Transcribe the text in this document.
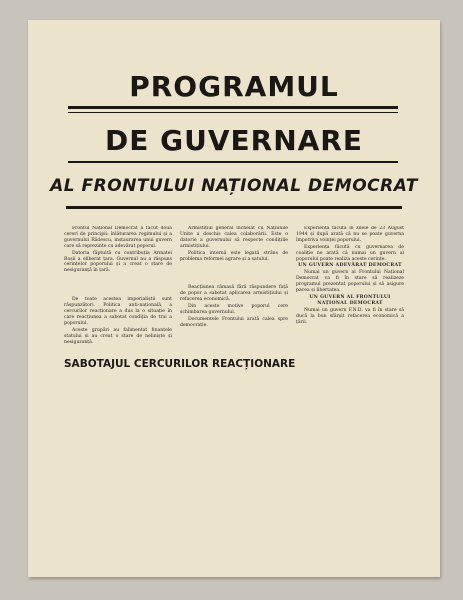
PROGRAMUL
DE GUVERNARE
AL FRONTULUI NAȚIONAL DEMOCRAT

Frontul Național Democrat a făcut două cereri de principii: înlăturarea regimului și a guvernului Rădescu, instaurarea unui guvern care să reprezinte cu adevărat poporul.

Datoria făptuită cu contribuția Armatei Roșii a eliberat țara. Guvernul nu a răspuns cerințelor poporului și a creat o stare de nesiguranță în țară.

De toate acestea imperialiștii sunt răspunzători. Politica anti-națională a cercurilor reacționare a dus la o situație în care reacțiunea a sabotat condiția de trai a poporului.

Aceste grupări au falimentat finanțele statului și au creat o stare de neliniște și nesiguranță.

Armistițiul general încheiat cu Națiunile Unite a deschis calea colaborării. Este o datorie a guvernului să respecte condițiile armistițiului.

Politica internă este legată strâns de problema reformei agrare și a satului.

Reacțiunea rămasă fără răspundere față de popor a sabotat aplicarea armistițiului și refacerea economică.

Din aceste motive poporul cere schimbarea guvernului.

Documentele Frontului arată calea spre democrație.

Experiența făcută în zilele de 23 August 1944 și după arată că nu se poate guverna împotriva voinței poporului.

Experiența făcută cu guvernarea de coaliție ne arată că numai un guvern al poporului poate realiza aceste cerințe.

UN GUVERN ADEVĂRAT DEMOCRAT

Numai un guvern al Frontului Național Democrat va fi în stare să realizeze programul prezentat poporului și să asigure pacea și libertatea.

UN GUVERN AL FRONTULUI NAȚIONAL DEMOCRAT

Numai un guvern F.N.D. va fi în stare să ducă la bun sfârșit refacerea economică a țării.

SABOTAJUL CERCURILOR REACȚIONARE
